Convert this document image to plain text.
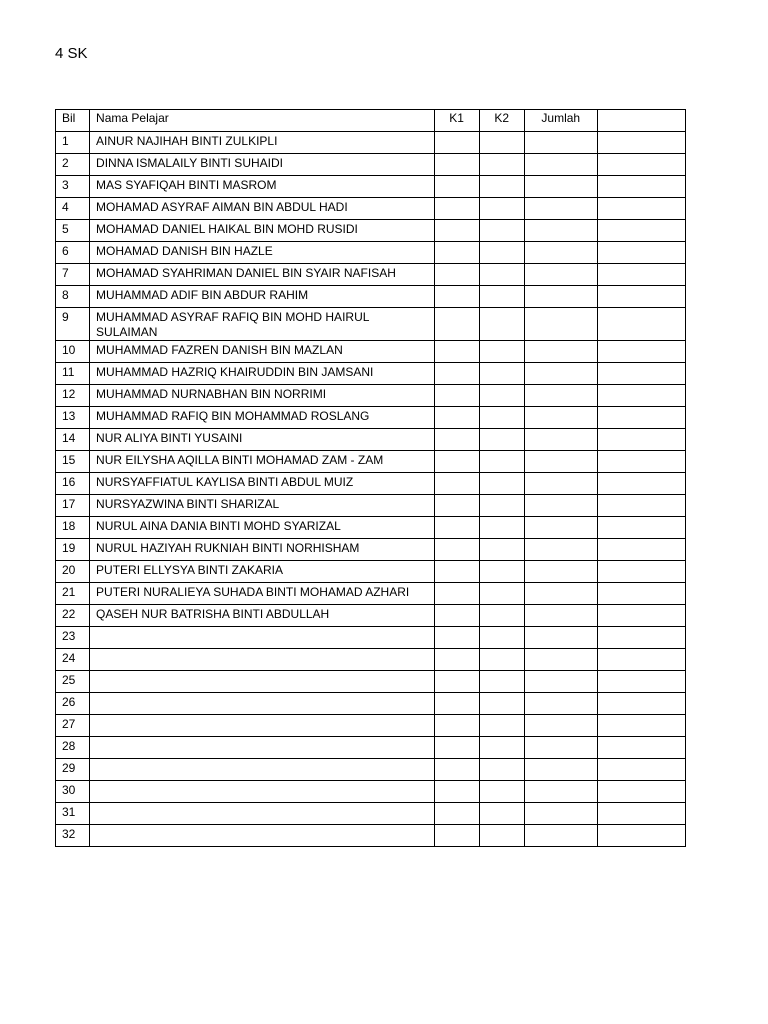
4 SK
Bil	Nama Pelajar	K1	K2	Jumlah	
1	AINUR NAJIHAH BINTI ZULKIPLI				
2	DINNA ISMALAILY BINTI SUHAIDI				
3	MAS SYAFIQAH BINTI MASROM				
4	MOHAMAD ASYRAF AIMAN BIN ABDUL HADI				
5	MOHAMAD DANIEL HAIKAL BIN MOHD RUSIDI				
6	MOHAMAD DANISH BIN HAZLE				
7	MOHAMAD SYAHRIMAN DANIEL BIN SYAIR NAFISAH				
8	MUHAMMAD ADIF BIN ABDUR RAHIM				
9	MUHAMMAD ASYRAF RAFIQ BIN MOHD HAIRUL SULAIMAN				
10	MUHAMMAD FAZREN DANISH BIN MAZLAN				
11	MUHAMMAD HAZRIQ KHAIRUDDIN BIN JAMSANI				
12	MUHAMMAD NURNABHAN BIN NORRIMI				
13	MUHAMMAD RAFIQ BIN MOHAMMAD ROSLANG				
14	NUR ALIYA BINTI YUSAINI				
15	NUR EILYSHA AQILLA BINTI MOHAMAD ZAM - ZAM				
16	NURSYAFFIATUL KAYLISA BINTI ABDUL MUIZ				
17	NURSYAZWINA BINTI SHARIZAL				
18	NURUL AINA DANIA BINTI MOHD SYARIZAL				
19	NURUL HAZIYAH RUKNIAH BINTI NORHISHAM				
20	PUTERI ELLYSYA BINTI ZAKARIA				
21	PUTERI NURALIEYA SUHADA BINTI MOHAMAD AZHARI				
22	QASEH NUR BATRISHA BINTI ABDULLAH				
23					
24					
25					
26					
27					
28					
29					
30					
31					
32					
